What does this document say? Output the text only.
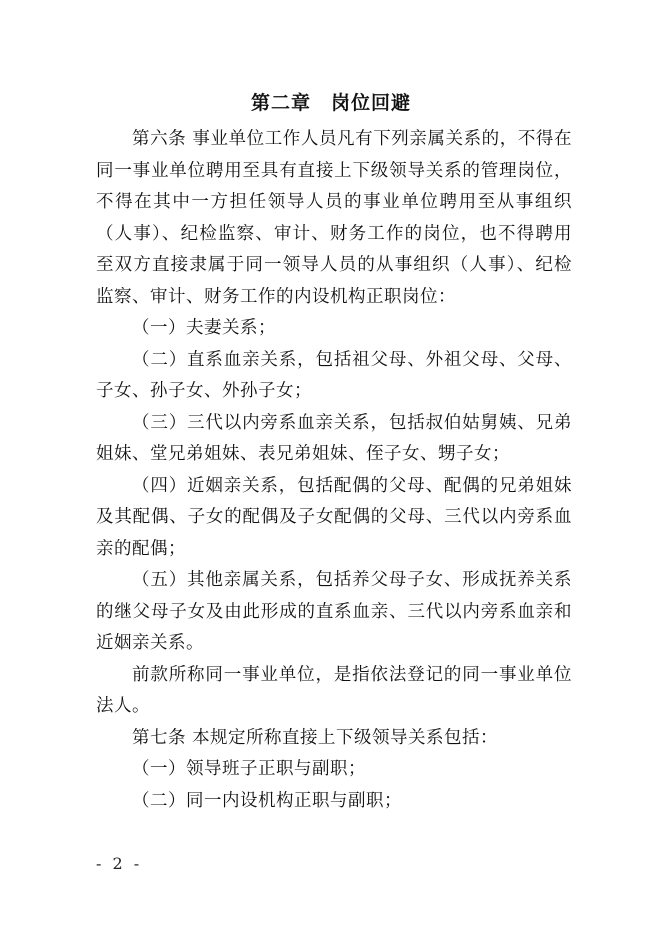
第二章　岗位回避

第六条 事业单位工作人员凡有下列亲属关系的，不得在同一事业单位聘用至具有直接上下级领导关系的管理岗位，不得在其中一方担任领导人员的事业单位聘用至从事组织（人事）、纪检监察、审计、财务工作的岗位，也不得聘用至双方直接隶属于同一领导人员的从事组织（人事）、纪检监察、审计、财务工作的内设机构正职岗位：

（一）夫妻关系；

（二）直系血亲关系，包括祖父母、外祖父母、父母、子女、孙子女、外孙子女；

（三）三代以内旁系血亲关系，包括叔伯姑舅姨、兄弟姐妹、堂兄弟姐妹、表兄弟姐妹、侄子女、甥子女；

（四）近姻亲关系，包括配偶的父母、配偶的兄弟姐妹及其配偶、子女的配偶及子女配偶的父母、三代以内旁系血亲的配偶；

（五）其他亲属关系，包括养父母子女、形成抚养关系的继父母子女及由此形成的直系血亲、三代以内旁系血亲和近姻亲关系。

前款所称同一事业单位，是指依法登记的同一事业单位法人。

第七条 本规定所称直接上下级领导关系包括：

（一）领导班子正职与副职；

（二）同一内设机构正职与副职；

- 2 -
